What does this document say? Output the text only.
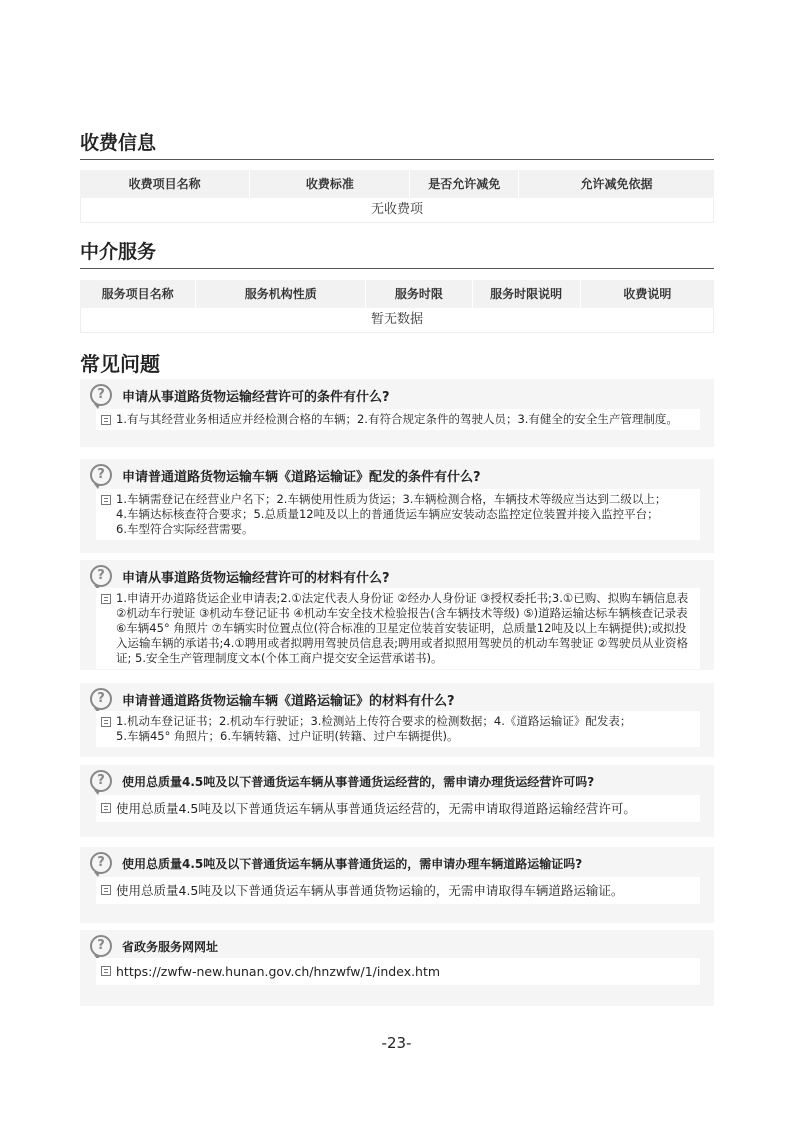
收费信息
收费项目名称	收费标准	是否允许减免	允许减免依据
无收费项
中介服务
服务项目名称	服务机构性质	服务时限	服务时限说明	收费说明
暂无数据
常见问题
?	申请从事道路货物运输经营许可的条件有什么?

1.有与其经营业务相适应并经检测合格的车辆；2.有符合规定条件的驾驶人员；3.有健全的安全生产管理制度。

?	申请普通道路货物运输车辆《道路运输证》配发的条件有什么?

1.车辆需登记在经营业户名下；2.车辆使用性质为货运；3.车辆检测合格，车辆技术等级应当达到二级以上；

4.车辆达标核查符合要求；5.总质量12吨及以上的普通货运车辆应安装动态监控定位装置并接入监控平台；

6.车型符合实际经营需要。

?	申请从事道路货物运输经营许可的材料有什么?

1.申请开办道路货运企业申请表;2.①法定代表人身份证 ②经办人身份证 ③授权委托书;3.①已购、拟购车辆信息表

②机动车行驶证 ③机动车登记证书 ④机动车安全技术检验报告(含车辆技术等级) ⑤)道路运输达标车辆核查记录表

⑥车辆45° 角照片 ⑦车辆实时位置点位(符合标准的卫星定位装首安装证明，总质量12吨及以上车辆提供);或拟投

入运输车辆的承诺书;4.①聘用或者拟聘用驾驶员信息表;聘用或者拟照用驾驶员的机动车驾驶证 ②驾驶员从业资格

证; 5.安全生产管理制度文本(个体工商户提交安全运营承诺书)。

?	申请普通道路货物运输车辆《道路运输证》的材料有什么?

1.机动车登记证书；2.机动车行驶证；3.检测站上传符合要求的检测数据；4.《道路运输证》配发表；

5.车辆45° 角照片；6.车辆转籍、过户证明(转籍、过户车辆提供)。

?	使用总质量4.5吨及以下普通货运车辆从事普通货运经营的，需申请办理货运经营许可吗?

使用总质量4.5吨及以下普通货运车辆从事普通货运经营的，无需申请取得道路运输经营许可。

?	使用总质量4.5吨及以下普通货运车辆从事普通货运的，需申请办理车辆道路运输证吗?

使用总质量4.5吨及以下普通货运车辆从事普通货物运输的，无需申请取得车辆道路运输证。

?	省政务服务网网址

https://zwfw-new.hunan.gov.ch/hnzwfw/1/index.htm

-23-
